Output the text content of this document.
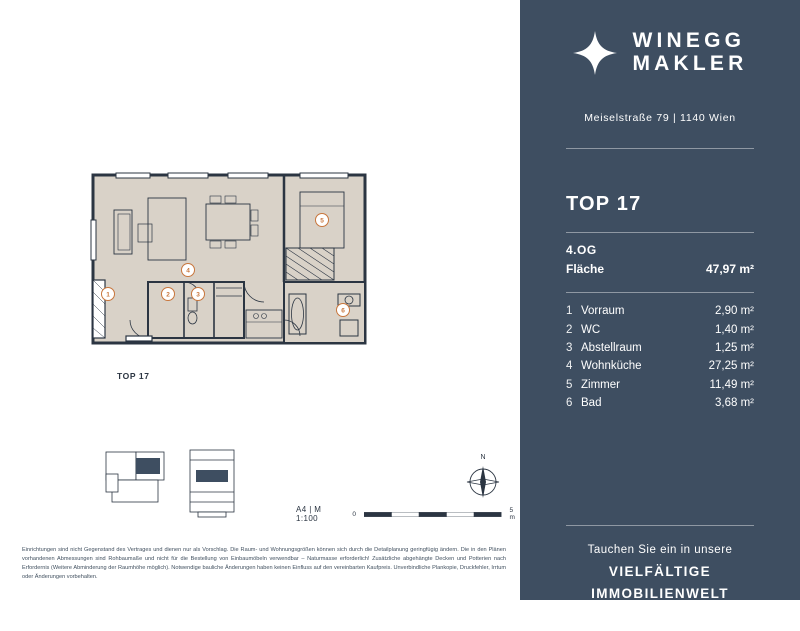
1	2	3
4
5
6
TOP 17
N
A4 | M 1:100	0	5 m
Einrichtungen sind nicht Gegenstand des Vertrages und dienen nur als Vorschlag. Die Raum- und Wohnungsgrößen können sich durch die Detailplanung geringfügig ändern. Die in den Plänen vorhandenen Abmessungen sind Rohbaumaße und nicht für die Bestellung von Einbaumöbeln verwendbar – Naturmasse erforderlich! Zusätzliche abgehängte Decken und Potterien nach Erfordernis (Weitere Abminderung der Raumhöhe möglich). Notwendige bauliche Änderungen haben keinen Einfluss auf den vereinbarten Kaufpreis. Unverbindliche Plankopie, Druckfehler, Irrtum oder Änderungen vorbehalten.
WINEGG
MAKLER
Meiselstraße 79 | 1140 Wien
TOP 17
4.OG
Fläche	47,97 m²
1 Vorraum	2,90 m²
2 WC	1,40 m²
3 Abstellraum	1,25 m²
4 Wohnküche	27,25 m²
5 Zimmer	11,49 m²
6 Bad	3,68 m²
Tauchen Sie ein in unsere
VIELFÄLTIGE
IMMOBILIENWELT
WINEGG.AT
